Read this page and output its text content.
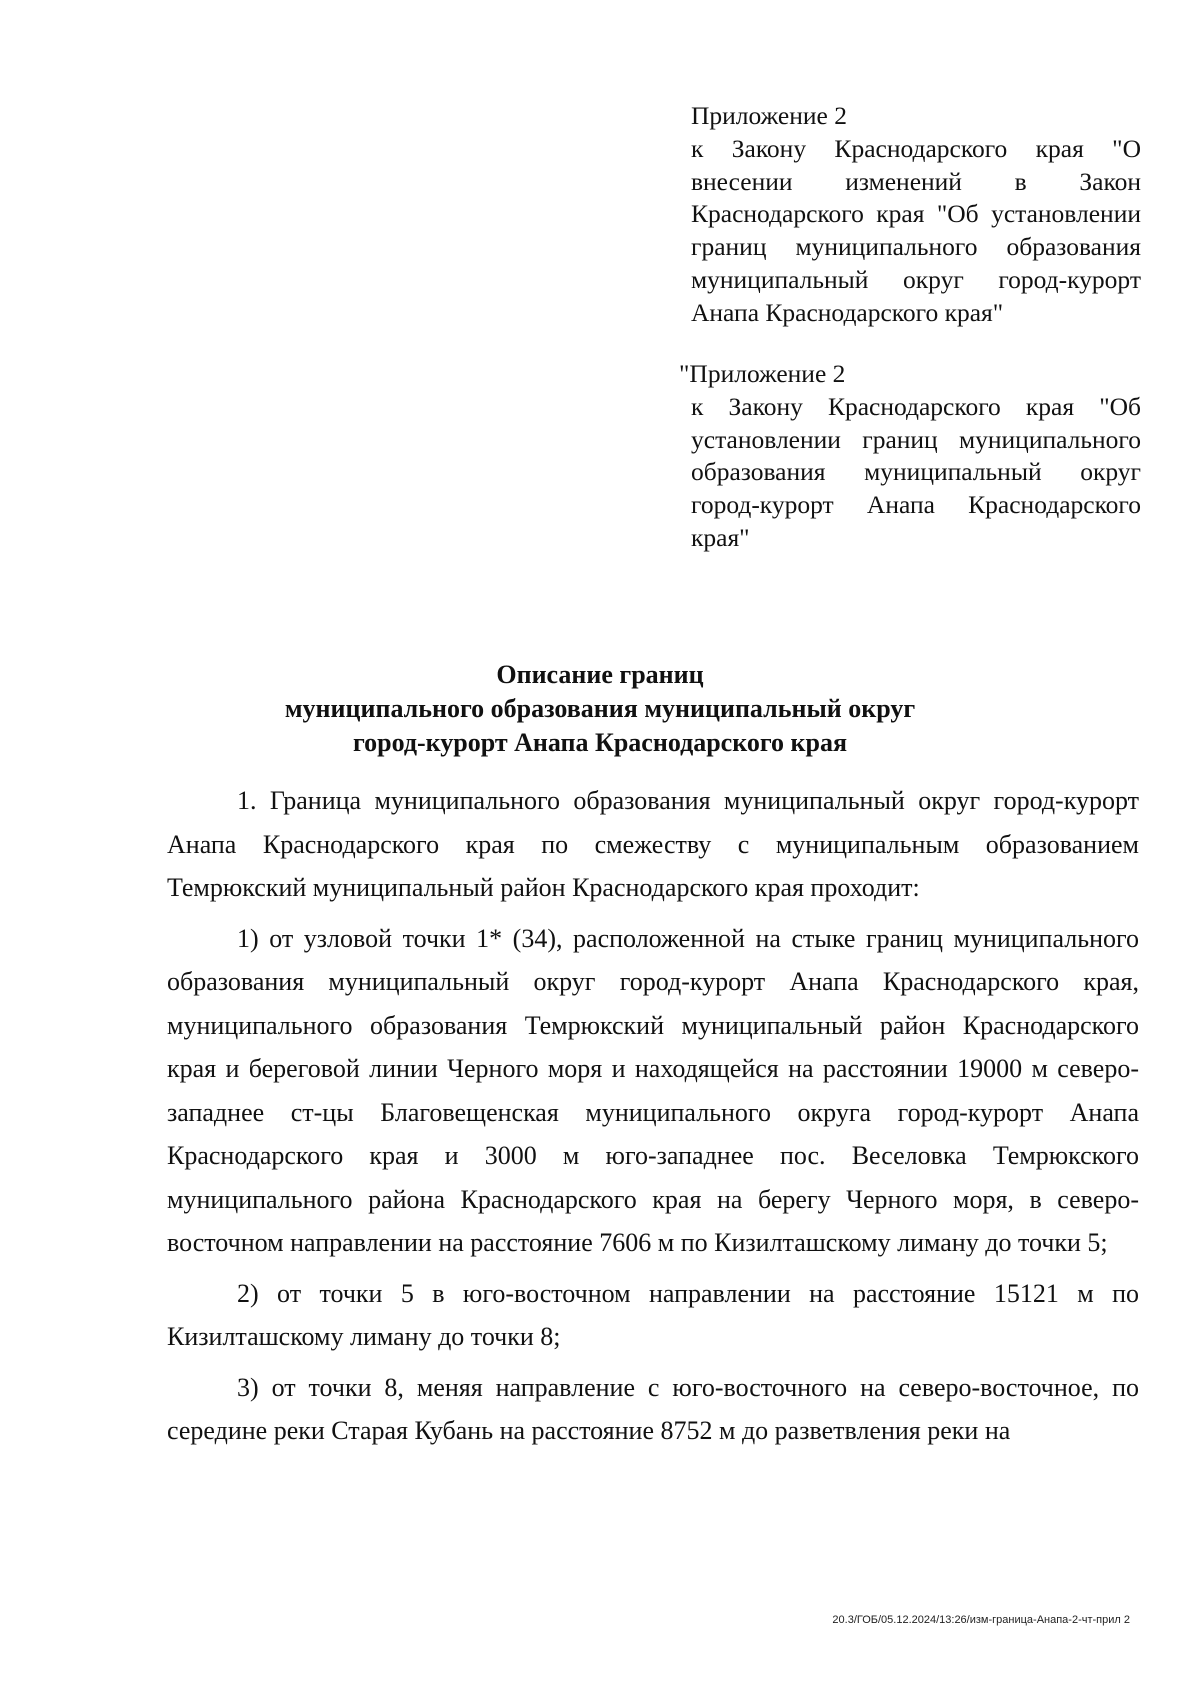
Приложение 2
к Закону Краснодарского края "О внесении изменений в Закон Краснодарского края "Об установлении границ муниципального образования муниципальный округ город-курорт Анапа Краснодарского края"
"Приложение 2
к Закону Краснодарского края "Об установлении границ муниципального образования муниципальный округ город-курорт Анапа Краснодарского края"
Описание границ
муниципального образования муниципальный округ
город-курорт Анапа Краснодарского края

1. Граница муниципального образования муниципальный округ город-курорт Анапа Краснодарского края по смежеству с муниципальным образованием Темрюкский муниципальный район Краснодарского края проходит:

1) от узловой точки 1* (34), расположенной на стыке границ муниципального образования муниципальный округ город-курорт Анапа Краснодарского края, муниципального образования Темрюкский муниципальный район Краснодарского края и береговой линии Черного моря и находящейся на расстоянии 19000 м северо-западнее ст-цы Благовещенская муниципального округа город-курорт Анапа Краснодарского края и 3000 м юго-западнее пос. Веселовка Темрюкского муниципального района Краснодарского края на берегу Черного моря, в северо-восточном направлении на расстояние 7606 м по Кизилташскому лиману до точки 5;

2) от точки 5 в юго-восточном направлении на расстояние 15121 м по Кизилташскому лиману до точки 8;

3) от точки 8, меняя направление с юго-восточного на северо-восточное, по середине реки Старая Кубань на расстояние 8752 м до разветвления реки на

20.3/ГОБ/05.12.2024/13:26/изм-граница-Анапа-2-чт-прил 2
